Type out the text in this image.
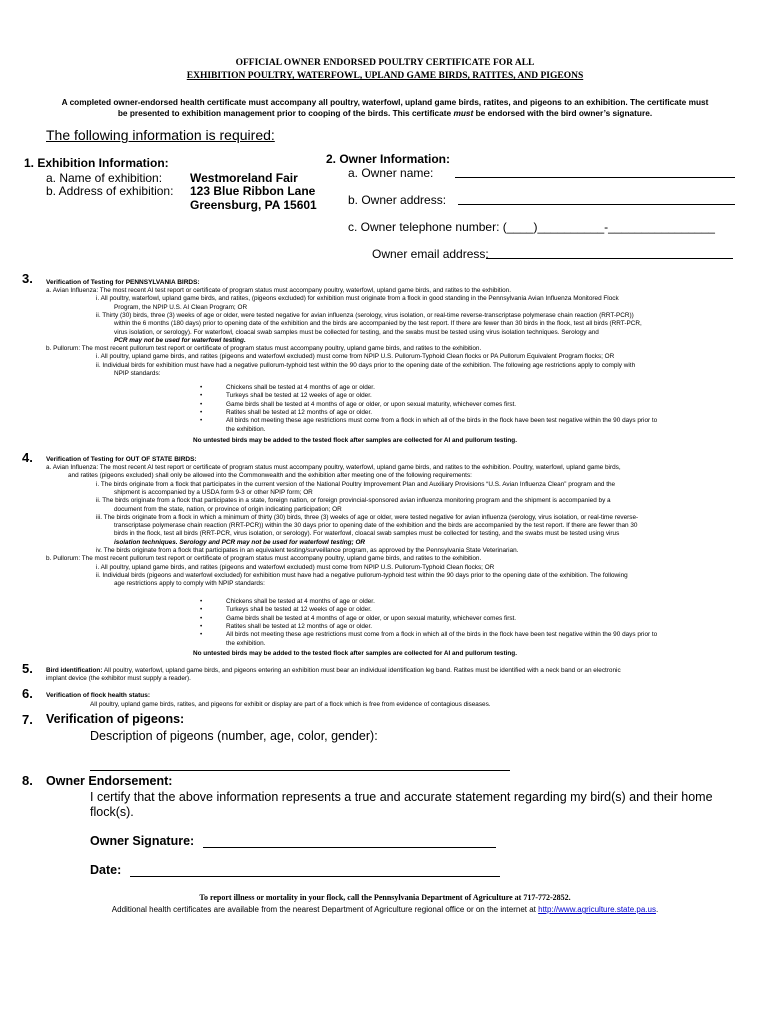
OFFICIAL OWNER ENDORSED POULTRY CERTIFICATE FOR ALL
EXHIBITION POULTRY, WATERFOWL, UPLAND GAME BIRDS, RATITES, AND PIGEONS
A completed owner-endorsed health certificate must accompany all poultry, waterfowl, upland game birds, ratites, and pigeons to an exhibition. The certificate must
be presented to exhibition management prior to cooping of the birds. This certificate must be endorsed with the bird owner’s signature.
The following information is required:
1. Exhibition Information:
a. Name of exhibition: Westmoreland Fair
b. Address of exhibition: 123 Blue Ribbon Lane
Greensburg, PA 15601
2. Owner Information:
a. Owner name:
b. Owner address:
c. Owner telephone number: (____)__________-________________
Owner email address:
3. Verification of Testing for PENNSYLVANIA BIRDS:
a. Avian Influenza: The most recent AI test report or certificate of program status must accompany poultry, waterfowl, upland game birds, and ratites to the exhibition.
i. All poultry, waterfowl, upland game birds, and ratites, (pigeons excluded) for exhibition must originate from a flock in good standing in the Pennsylvania Avian Influenza Monitored Flock
Program, the NPIP U.S. AI Clean Program; OR
ii. Thirty (30) birds, three (3) weeks of age or older, were tested negative for avian influenza (serology, virus isolation, or real-time reverse-transcriptase polymerase chain reaction (RRT-PCR))
within the 6 months (180 days) prior to opening date of the exhibition and the birds are accompanied by the test report. If there are fewer than 30 birds in the flock, test all birds (RRT-PCR,
virus isolation, or serology). For waterfowl, cloacal swab samples must be collected for testing, and the swabs must be tested using virus isolation techniques. Serology and
PCR may not be used for waterfowl testing.
b. Pullorum: The most recent pullorum test report or certificate of program status must accompany poultry, upland game birds, and ratites to the exhibition.
i. All poultry, upland game birds, and ratites (pigeons and waterfowl excluded) must come from NPIP U.S. Pullorum-Typhoid Clean flocks or PA Pullorum Equivalent Program flocks; OR
ii. Individual birds for exhibition must have had a negative pullorum-typhoid test within the 90 days prior to the opening date of the exhibition. The following age restrictions apply to comply with
NPIP standards:
• Chickens shall be tested at 4 months of age or older.
• Turkeys shall be tested at 12 weeks of age or older.
• Game birds shall be tested at 4 months of age or older, or upon sexual maturity, whichever comes first.
• Ratites shall be tested at 12 months of age or older.
• All birds not meeting these age restrictions must come from a flock in which all of the birds in the flock have been test negative within the 90 days prior to
the exhibition.
No untested birds may be added to the tested flock after samples are collected for AI and pullorum testing.
4. Verification of Testing for OUT OF STATE BIRDS:
a. Avian Influenza: The most recent AI test report or certificate of program status must accompany poultry, waterfowl, upland game birds, and ratites to the exhibition. Poultry, waterfowl, upland game birds,
and ratites (pigeons excluded) shall only be allowed into the Commonwealth and the exhibition after meeting one of the following requirements:
i. The birds originate from a flock that participates in the current version of the National Poultry Improvement Plan and Auxiliary Provisions “U.S. Avian Influenza Clean” program and the
shipment is accompanied by a USDA form 9-3 or other NPIP form; OR
ii. The birds originate from a flock that participates in a state, foreign nation, or foreign provincial-sponsored avian influenza monitoring program and the shipment is accompanied by a
document from the state, nation, or province of origin indicating participation; OR
iii. The birds originate from a flock in which a minimum of thirty (30) birds, three (3) weeks of age or older, were tested negative for avian influenza (serology, virus isolation, or real-time reverse-
transcriptase polymerase chain reaction (RRT-PCR)) within the 30 days prior to opening date of the exhibition and the birds are accompanied by the test report. If there are fewer than 30
birds in the flock, test all birds (RRT-PCR, virus isolation, or serology). For waterfowl, cloacal swab samples must be collected for testing, and the swabs must be tested using virus
isolation techniques. Serology and PCR may not be used for waterfowl testing; OR
iv. The birds originate from a flock that participates in an equivalent testing/surveillance program, as approved by the Pennsylvania State Veterinarian.
b. Pullorum: The most recent pullorum test report or certificate of program status must accompany poultry, upland game birds, and ratites to the exhibition.
i. All poultry, upland game birds, and ratites (pigeons and waterfowl excluded) must come from NPIP U.S. Pullorum-Typhoid Clean flocks; OR
ii. Individual birds (pigeons and waterfowl excluded) for exhibition must have had a negative pullorum-typhoid test within the 90 days prior to the opening date of the exhibition. The following
age restrictions apply to comply with NPIP standards:
• Chickens shall be tested at 4 months of age or older.
• Turkeys shall be tested at 12 weeks of age or older.
• Game birds shall be tested at 4 months of age or older, or upon sexual maturity, whichever comes first.
• Ratites shall be tested at 12 months of age or older.
• All birds not meeting these age restrictions must come from a flock in which all of the birds in the flock have been test negative within the 90 days prior to
the exhibition.
No untested birds may be added to the tested flock after samples are collected for AI and pullorum testing.
5. Bird identification: All poultry, waterfowl, upland game birds, and pigeons entering an exhibition must bear an individual identification leg band. Ratites must be identified with a neck band or an electronic
implant device (the exhibitor must supply a reader).
6. Verification of flock health status:
All poultry, upland game birds, ratites, and pigeons for exhibit or display are part of a flock which is free from evidence of contagious diseases.
7. Verification of pigeons:
Description of pigeons (number, age, color, gender):
8. Owner Endorsement:
I certify that the above information represents a true and accurate statement regarding my bird(s) and their home
flock(s).
Owner Signature:
Date:
To report illness or mortality in your flock, call the Pennsylvania Department of Agriculture at 717-772-2852.
Additional health certificates are available from the nearest Department of Agriculture regional office or on the internet at http://www.agriculture.state.pa.us.
